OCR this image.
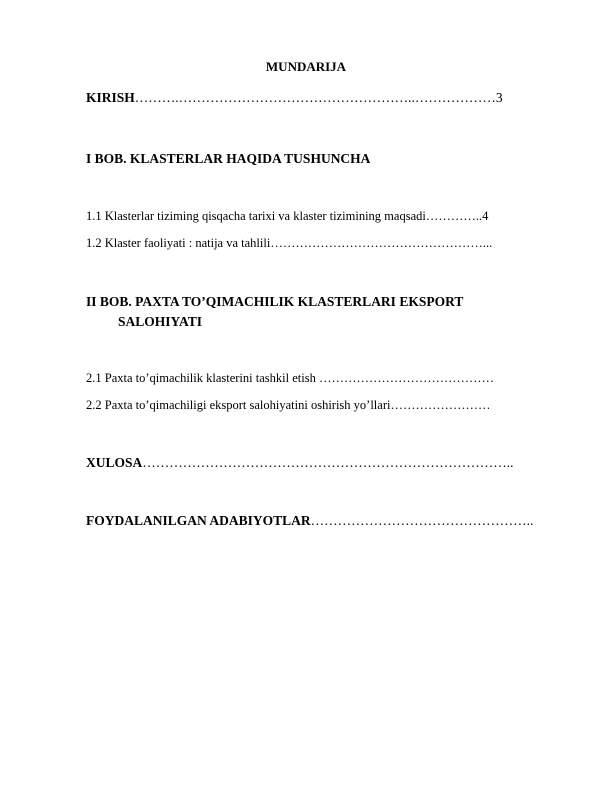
MUNDARIJA
KIRISH……….……………………………………………..………………3
I BOB. KLASTERLAR HAQIDA TUSHUNCHA
1.1 Klasterlar tiziming qisqacha tarixi va klaster tizimining maqsadi…………..4
1.2 Klaster faoliyati : natija va tahlili……………………………………………...
II BOB. PAXTA TO’QIMACHILIK KLASTERLARI EKSPORT
SALOHIYATI
2.1 Paxta to’qimachilik klasterini tashkil etish ……………………………………
2.2 Paxta to’qimachiligi eksport salohiyatini oshirish yo’llari……………………
XULOSA………………………………………………………………………..
FOYDALANILGAN ADABIYOTLAR…………………………………………..
